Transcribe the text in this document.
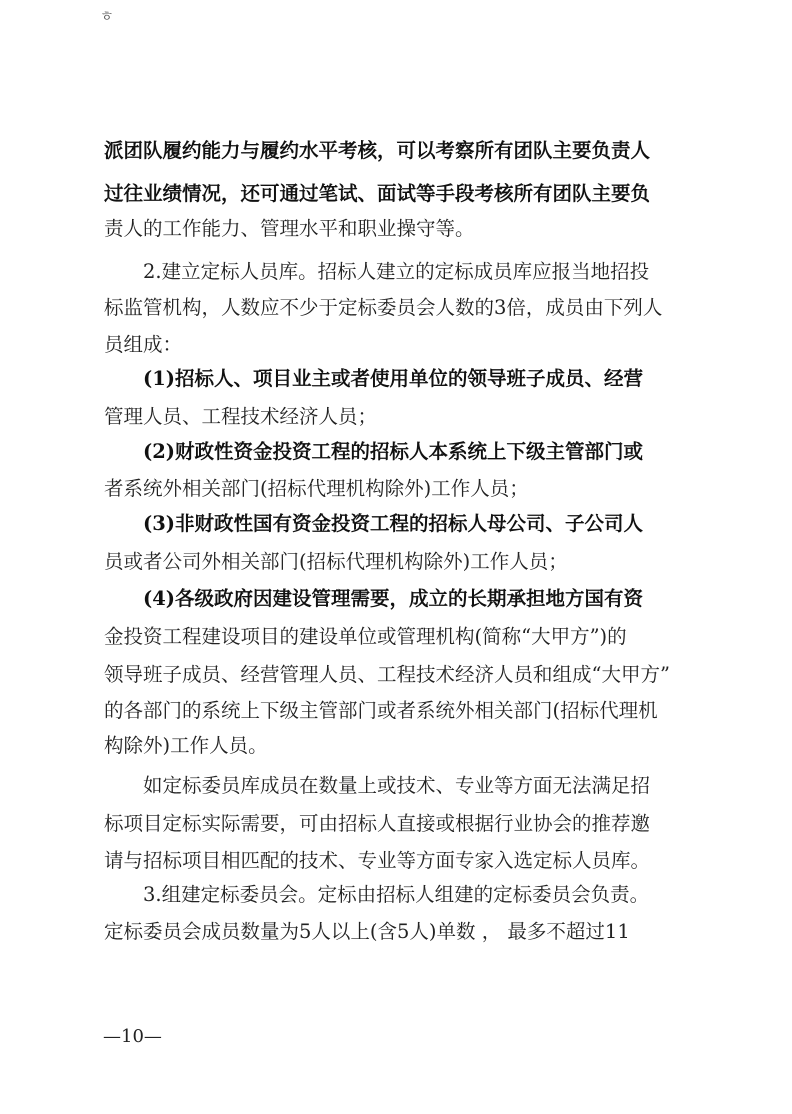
ㅎ
派团队履约能力与履约水平考核，可以考察所有团队主要负责人
过往业绩情况，还可通过笔试、面试等手段考核所有团队主要负
责人的工作能力、管理水平和职业操守等。
　　2.建立定标人员库。招标人建立的定标成员库应报当地招投
标监管机构，人数应不少于定标委员会人数的3倍，成员由下列人
员组成：
　　(1)招标人、项目业主或者使用单位的领导班子成员、经营
管理人员、工程技术经济人员；
　　(2)财政性资金投资工程的招标人本系统上下级主管部门或
者系统外相关部门(招标代理机构除外)工作人员；
　　(3)非财政性国有资金投资工程的招标人母公司、子公司人
员或者公司外相关部门(招标代理机构除外)工作人员；
　　(4)各级政府因建设管理需要，成立的长期承担地方国有资
金投资工程建设项目的建设单位或管理机构(简称“大甲方”)的
领导班子成员、经营管理人员、工程技术经济人员和组成“大甲方”
的各部门的系统上下级主管部门或者系统外相关部门(招标代理机
构除外)工作人员。
　　如定标委员库成员在数量上或技术、专业等方面无法满足招
标项目定标实际需要，可由招标人直接或根据行业协会的推荐邀
请与招标项目相匹配的技术、专业等方面专家入选定标人员库。
　　3.组建定标委员会。定标由招标人组建的定标委员会负责。
定标委员会成员数量为5人以上(含5人)单数 ， 最多不超过11
—10—
